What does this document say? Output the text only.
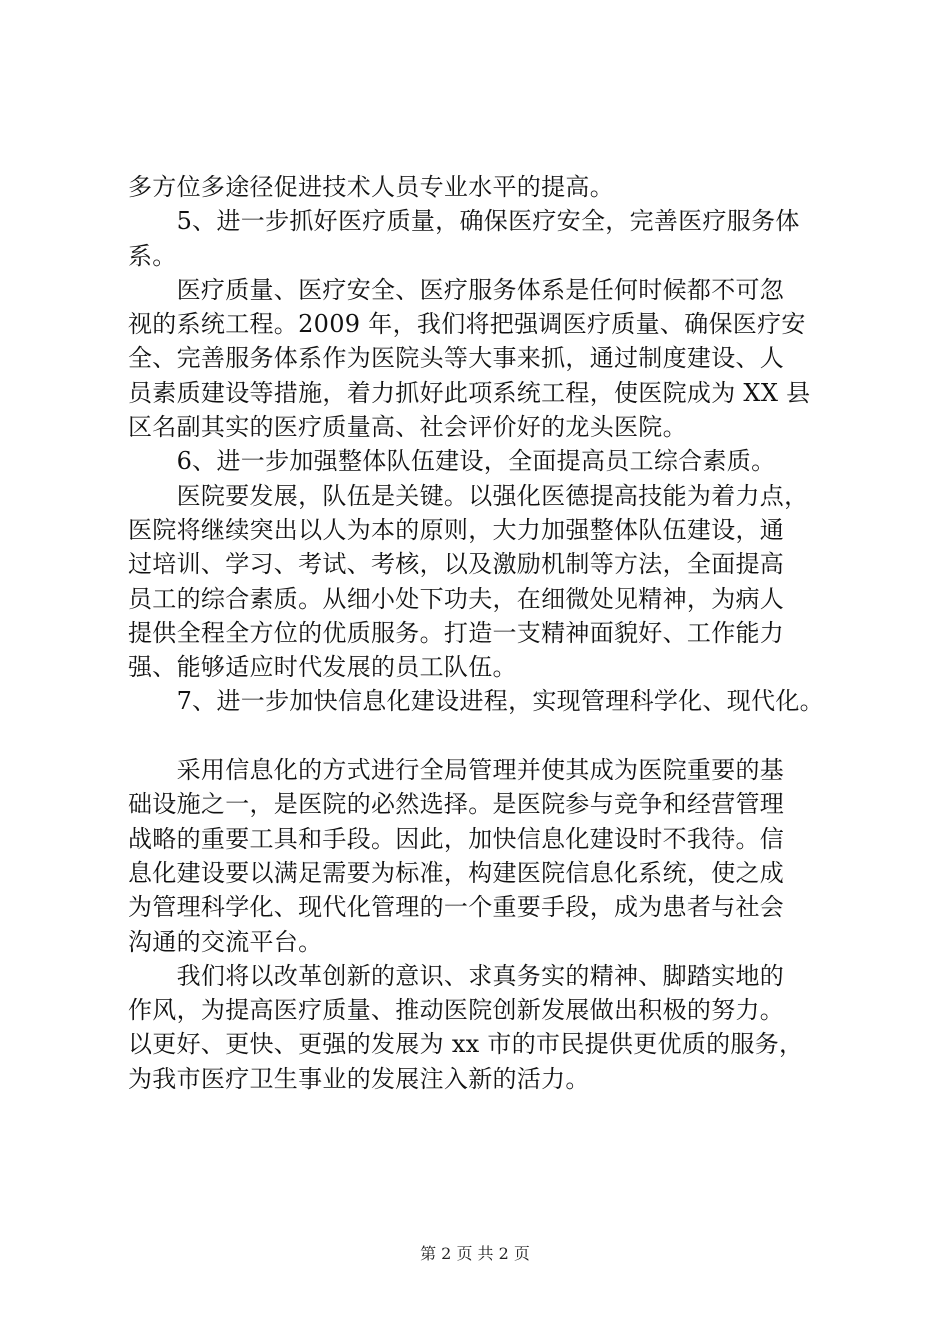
多方位多途径促进技术人员专业水平的提高。
　　5、进一步抓好医疗质量，确保医疗安全，完善医疗服务体
系。
　　医疗质量、医疗安全、医疗服务体系是任何时候都不可忽
视的系统工程。2009 年，我们将把强调医疗质量、确保医疗安
全、完善服务体系作为医院头等大事来抓，通过制度建设、人
员素质建设等措施，着力抓好此项系统工程，使医院成为 XX 县
区名副其实的医疗质量高、社会评价好的龙头医院。
　　6、进一步加强整体队伍建设，全面提高员工综合素质。
　　医院要发展，队伍是关键。以强化医德提高技能为着力点，
医院将继续突出以人为本的原则，大力加强整体队伍建设，通
过培训、学习、考试、考核，以及激励机制等方法，全面提高
员工的综合素质。从细小处下功夫，在细微处见精神，为病人
提供全程全方位的优质服务。打造一支精神面貌好、工作能力
强、能够适应时代发展的员工队伍。
　　7、进一步加快信息化建设进程，实现管理科学化、现代化。
　　采用信息化的方式进行全局管理并使其成为医院重要的基
础设施之一，是医院的必然选择。是医院参与竞争和经营管理
战略的重要工具和手段。因此，加快信息化建设时不我待。信
息化建设要以满足需要为标准，构建医院信息化系统，使之成
为管理科学化、现代化管理的一个重要手段，成为患者与社会
沟通的交流平台。
　　我们将以改革创新的意识、求真务实的精神、脚踏实地的
作风，为提高医疗质量、推动医院创新发展做出积极的努力。
以更好、更快、更强的发展为 xx 市的市民提供更优质的服务，
为我市医疗卫生事业的发展注入新的活力。
第 2 页 共 2 页
